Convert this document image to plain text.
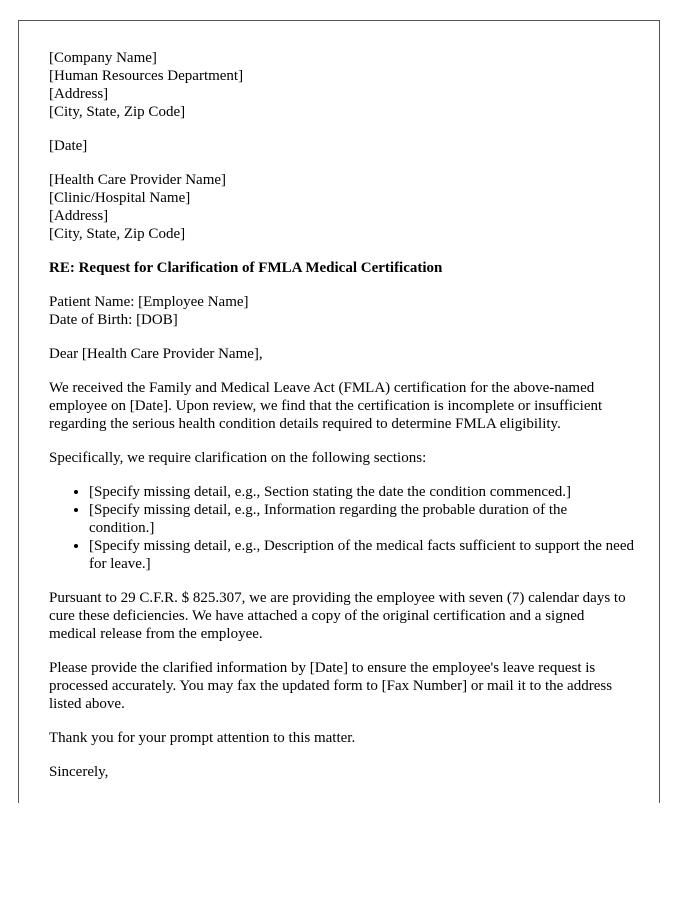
[Company Name]
[Human Resources Department]
[Address]
[City, State, Zip Code]
[Date]
[Health Care Provider Name]
[Clinic/Hospital Name]
[Address]
[City, State, Zip Code]
RE: Request for Clarification of FMLA Medical Certification
Patient Name: [Employee Name]
Date of Birth: [DOB]
Dear [Health Care Provider Name],

We received the Family and Medical Leave Act (FMLA) certification for the above-named employee on [Date]. Upon review, we find that the certification is incomplete or insufficient regarding the serious health condition details required to determine FMLA eligibility.

Specifically, we require clarification on the following sections:

• [Specify missing detail, e.g., Section stating the date the condition commenced.]
• [Specify missing detail, e.g., Information regarding the probable duration of the condition.]
• [Specify missing detail, e.g., Description of the medical facts sufficient to support the need for leave.]

Pursuant to 29 C.F.R. $ 825.307, we are providing the employee with seven (7) calendar days to cure these deficiencies. We have attached a copy of the original certification and a signed medical release from the employee.

Please provide the clarified information by [Date] to ensure the employee's leave request is processed accurately. You may fax the updated form to [Fax Number] or mail it to the address listed above.

Thank you for your prompt attention to this matter.

Sincerely,
